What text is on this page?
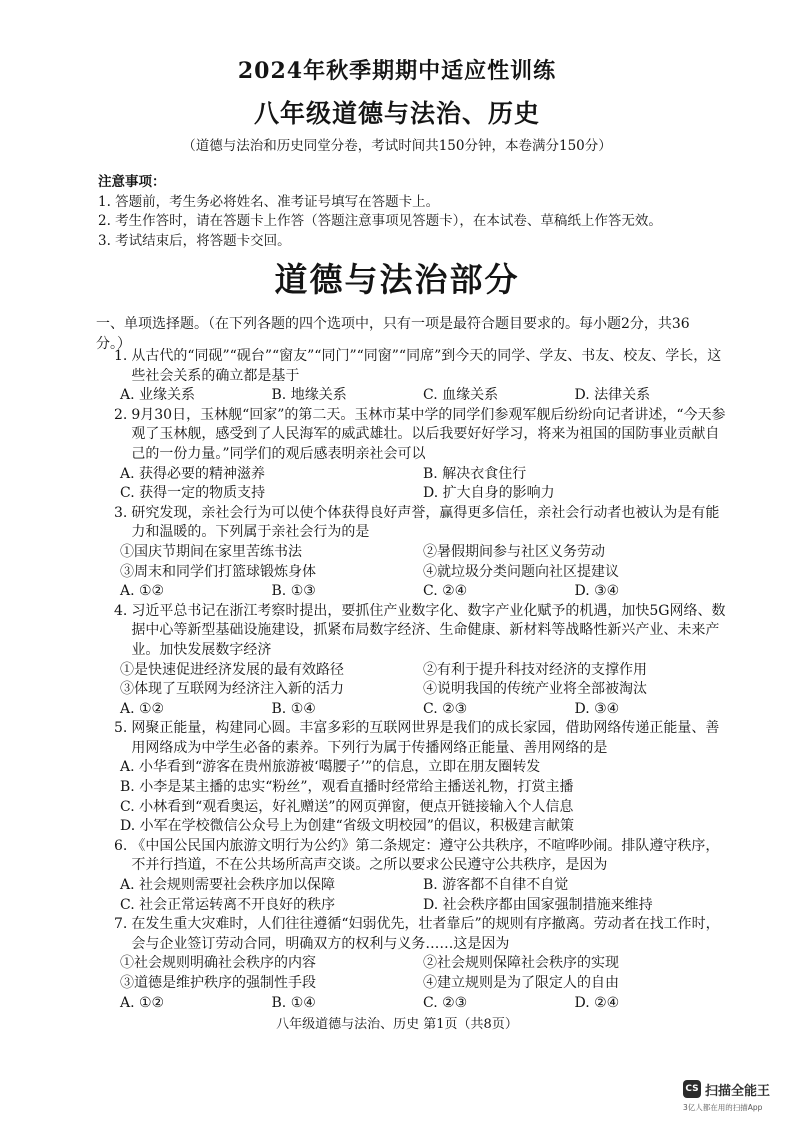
2024年秋季期期中适应性训练
八年级道德与法治、历史
（道德与法治和历史同堂分卷，考试时间共150分钟，本卷满分150分）
注意事项：
1. 答题前，考生务必将姓名、准考证号填写在答题卡上。
2. 考生作答时，请在答题卡上作答（答题注意事项见答题卡），在本试卷、草稿纸上作答无效。
3. 考试结束后，将答题卡交回。
道德与法治部分
一、单项选择题。（在下列各题的四个选项中，只有一项是最符合题目要求的。每小题2分，共36分。）
1. 从古代的“同砚”“砚台”“窗友”“同门”“同窗”“同席”到今天的同学、学友、书友、校友、学长，这些社会关系的确立都是基于
A. 业缘关系	B. 地缘关系	C. 血缘关系	D. 法律关系
2. 9月30日，玉林舰“回家”的第二天。玉林市某中学的同学们参观军舰后纷纷向记者讲述，“今天参观了玉林舰，感受到了人民海军的威武雄壮。以后我要好好学习，将来为祖国的国防事业贡献自己的一份力量。”同学们的观后感表明亲社会可以
A. 获得必要的精神滋养	B. 解决衣食住行
C. 获得一定的物质支持	D. 扩大自身的影响力
3. 研究发现，亲社会行为可以使个体获得良好声誉，赢得更多信任，亲社会行动者也被认为是有能力和温暖的。下列属于亲社会行为的是
①国庆节期间在家里苦练书法	②暑假期间参与社区义务劳动
③周末和同学们打篮球锻炼身体	④就垃圾分类问题向社区提建议
A. ①②	B. ①③	C. ②④	D. ③④
4. 习近平总书记在浙江考察时提出，要抓住产业数字化、数字产业化赋予的机遇，加快5G网络、数据中心等新型基础设施建设，抓紧布局数字经济、生命健康、新材料等战略性新兴产业、未来产业。加快发展数字经济
①是快速促进经济发展的最有效路径	②有利于提升科技对经济的支撑作用
③体现了互联网为经济注入新的活力	④说明我国的传统产业将全部被淘汰
A. ①②	B. ①④	C. ②③	D. ③④
5. 网聚正能量，构建同心圆。丰富多彩的互联网世界是我们的成长家园，借助网络传递正能量、善用网络成为中学生必备的素养。下列行为属于传播网络正能量、善用网络的是
A. 小华看到“游客在贵州旅游被‘噶腰子’”的信息，立即在朋友圈转发
B. 小李是某主播的忠实“粉丝”，观看直播时经常给主播送礼物，打赏主播
C. 小林看到“观看奥运，好礼赠送”的网页弹窗，便点开链接输入个人信息
D. 小军在学校微信公众号上为创建“省级文明校园”的倡议，积极建言献策
6. 《中国公民国内旅游文明行为公约》第二条规定：遵守公共秩序，不喧哗吵闹。排队遵守秩序，不并行挡道，不在公共场所高声交谈。之所以要求公民遵守公共秩序，是因为
A. 社会规则需要社会秩序加以保障	B. 游客都不自律不自觉
C. 社会正常运转离不开良好的秩序	D. 社会秩序都由国家强制措施来维持
7. 在发生重大灾难时，人们往往遵循“妇弱优先，壮者靠后”的规则有序撤离。劳动者在找工作时，会与企业签订劳动合同，明确双方的权利与义务……这是因为
①社会规则明确社会秩序的内容	②社会规则保障社会秩序的实现
③道德是维护秩序的强制性手段	④建立规则是为了限定人的自由
A. ①②	B. ①④	C. ②③	D. ②④
八年级道德与法治、历史 第1页（共8页）
CS 扫描全能王
3亿人都在用的扫描App
